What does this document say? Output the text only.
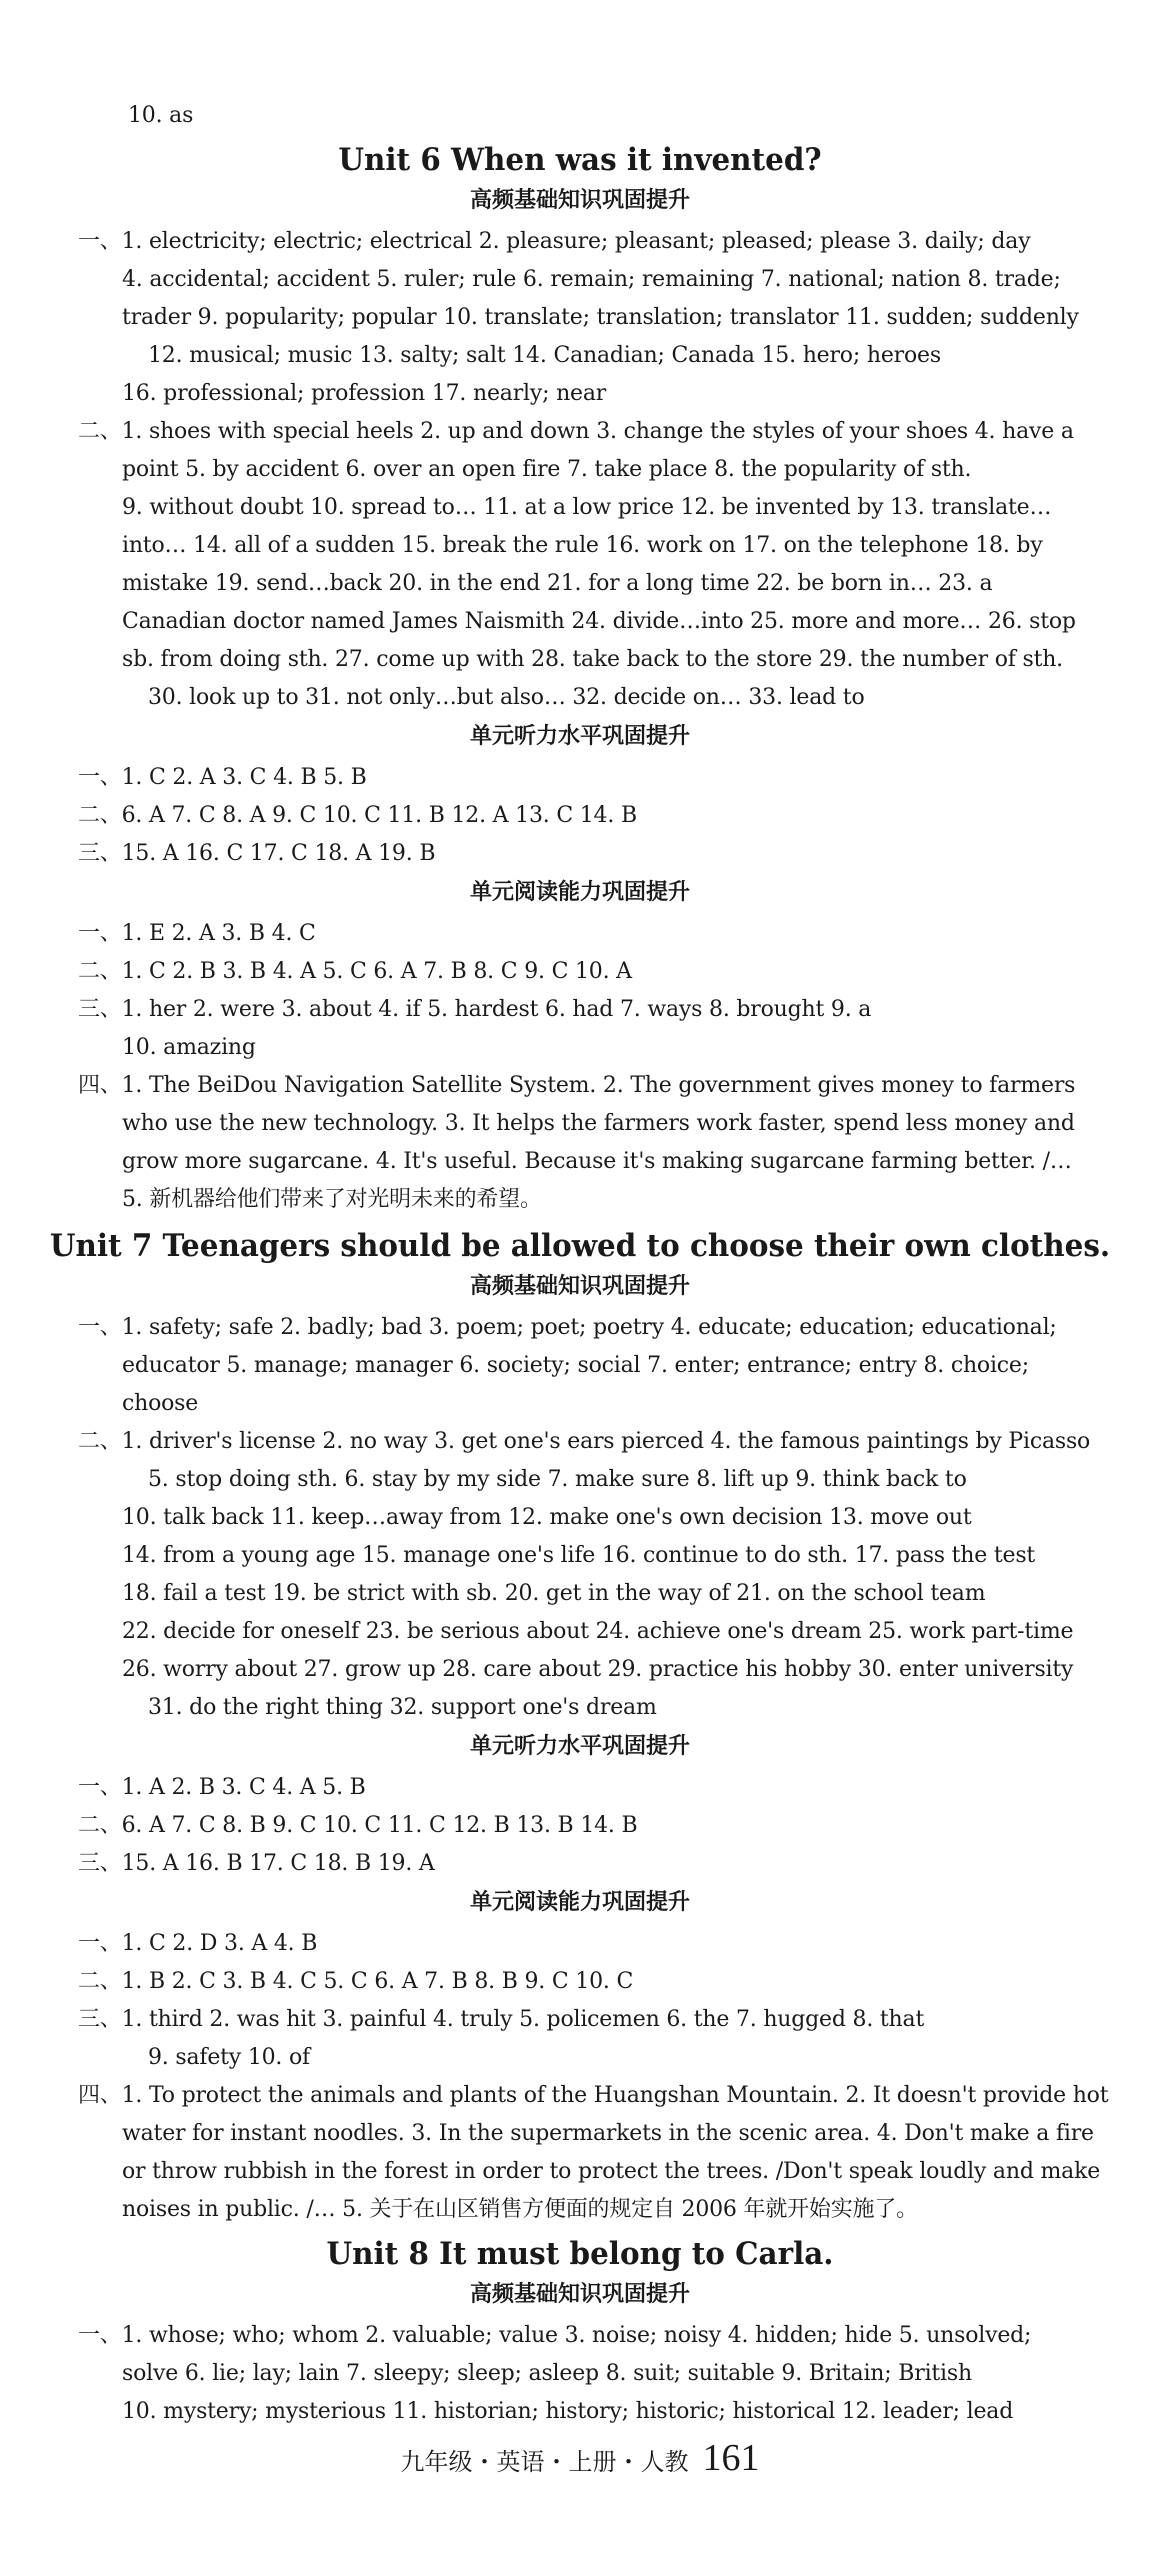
10. as
Unit 6 When was it invented?
高频基础知识巩固提升
一、1. electricity; electric; electrical 2. pleasure; pleasant; pleased; please 3. daily; day
4. accidental; accident 5. ruler; rule 6. remain; remaining 7. national; nation 8. trade;
trader 9. popularity; popular 10. translate; translation; translator 11. sudden; suddenly
12. musical; music 13. salty; salt 14. Canadian; Canada 15. hero; heroes
16. professional; profession 17. nearly; near
二、1. shoes with special heels 2. up and down 3. change the styles of your shoes 4. have a
point 5. by accident 6. over an open fire 7. take place 8. the popularity of sth.
9. without doubt 10. spread to… 11. at a low price 12. be invented by 13. translate…
into… 14. all of a sudden 15. break the rule 16. work on 17. on the telephone 18. by
mistake 19. send…back 20. in the end 21. for a long time 22. be born in… 23. a
Canadian doctor named James Naismith 24. divide…into 25. more and more… 26. stop
sb. from doing sth. 27. come up with 28. take back to the store 29. the number of sth.
30. look up to 31. not only…but also… 32. decide on… 33. lead to
单元听力水平巩固提升
一、1. C 2. A 3. C 4. B 5. B
二、6. A 7. C 8. A 9. C 10. C 11. B 12. A 13. C 14. B
三、15. A 16. C 17. C 18. A 19. B
单元阅读能力巩固提升
一、1. E 2. A 3. B 4. C
二、1. C 2. B 3. B 4. A 5. C 6. A 7. B 8. C 9. C 10. A
三、1. her 2. were 3. about 4. if 5. hardest 6. had 7. ways 8. brought 9. a
10. amazing
四、1. The BeiDou Navigation Satellite System. 2. The government gives money to farmers
who use the new technology. 3. It helps the farmers work faster, spend less money and
grow more sugarcane. 4. It's useful. Because it's making sugarcane farming better. /…
5. 新机器给他们带来了对光明未来的希望。
Unit 7 Teenagers should be allowed to choose their own clothes.
高频基础知识巩固提升
一、1. safety; safe 2. badly; bad 3. poem; poet; poetry 4. educate; education; educational;
educator 5. manage; manager 6. society; social 7. enter; entrance; entry 8. choice;
choose
二、1. driver's license 2. no way 3. get one's ears pierced 4. the famous paintings by Picasso
5. stop doing sth. 6. stay by my side 7. make sure 8. lift up 9. think back to
10. talk back 11. keep…away from 12. make one's own decision 13. move out
14. from a young age 15. manage one's life 16. continue to do sth. 17. pass the test
18. fail a test 19. be strict with sb. 20. get in the way of 21. on the school team
22. decide for oneself 23. be serious about 24. achieve one's dream 25. work part-time
26. worry about 27. grow up 28. care about 29. practice his hobby 30. enter university
31. do the right thing 32. support one's dream
单元听力水平巩固提升
一、1. A 2. B 3. C 4. A 5. B
二、6. A 7. C 8. B 9. C 10. C 11. C 12. B 13. B 14. B
三、15. A 16. B 17. C 18. B 19. A
单元阅读能力巩固提升
一、1. C 2. D 3. A 4. B
二、1. B 2. C 3. B 4. C 5. C 6. A 7. B 8. B 9. C 10. C
三、1. third 2. was hit 3. painful 4. truly 5. policemen 6. the 7. hugged 8. that
9. safety 10. of
四、1. To protect the animals and plants of the Huangshan Mountain. 2. It doesn't provide hot
water for instant noodles. 3. In the supermarkets in the scenic area. 4. Don't make a fire
or throw rubbish in the forest in order to protect the trees. /Don't speak loudly and make
noises in public. /… 5. 关于在山区销售方便面的规定自 2006 年就开始实施了。
Unit 8 It must belong to Carla.
高频基础知识巩固提升
一、1. whose; who; whom 2. valuable; value 3. noise; noisy 4. hidden; hide 5. unsolved;
solve 6. lie; lay; lain 7. sleepy; sleep; asleep 8. suit; suitable 9. Britain; British
10. mystery; mysterious 11. historian; history; historic; historical 12. leader; lead
九年级・英语・上册・人教 161
